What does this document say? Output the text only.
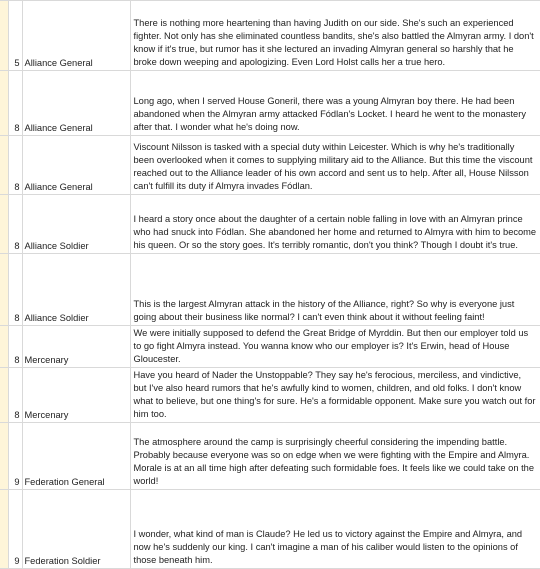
	5	Alliance General	There is nothing more heartening than having Judith on our side. She's such an experienced fighter. Not only has she eliminated countless bandits, she's also battled the Almyran army. I don't know if it's true, but rumor has it she lectured an invading Almyran general so harshly that he broke down weeping and apologizing. Even Lord Holst calls her a true hero.
	8	Alliance General	Long ago, when I served House Goneril, there was a young Almyran boy there. He had been abandoned when the Almyran army attacked Fódlan's Locket. I heard he went to the monastery after that. I wonder what he's doing now.
	8	Alliance General	Viscount Nilsson is tasked with a special duty within Leicester. Which is why he's traditionally been overlooked when it comes to supplying military aid to the Alliance. But this time the viscount reached out to the Alliance leader of his own accord and sent us to help. After all, House Nilsson can't fulfill its duty if Almyra invades Fódlan.
	8	Alliance Soldier	I heard a story once about the daughter of a certain noble falling in love with an Almyran prince who had snuck into Fódlan. She abandoned her home and returned to Almyra with him to become his queen. Or so the story goes. It's terribly romantic, don't you think? Though I doubt it's true.
	8	Alliance Soldier	This is the largest Almyran attack in the history of the Alliance, right? So why is everyone just going about their business like normal? I can't even think about it without feeling faint!
	8	Mercenary	We were initially supposed to defend the Great Bridge of Myrddin. But then our employer told us to go fight Almyra instead. You wanna know who our employer is? It's Erwin, head of House Gloucester.
	8	Mercenary	Have you heard of Nader the Unstoppable? They say he's ferocious, merciless, and vindictive, but I've also heard rumors that he's awfully kind to women, children, and old folks. I don't know what to believe, but one thing's for sure. He's a formidable opponent. Make sure you watch out for him too.
	9	Federation General	The atmosphere around the camp is surprisingly cheerful considering the impending battle. Probably because everyone was so on edge when we were fighting with the Empire and Almyra. Morale is at an all time high after defeating such formidable foes. It feels like we could take on the world!
	9	Federation Soldier	I wonder, what kind of man is Claude? He led us to victory against the Empire and Almyra, and now he's suddenly our king. I can't imagine a man of his caliber would listen to the opinions of those beneath him.
